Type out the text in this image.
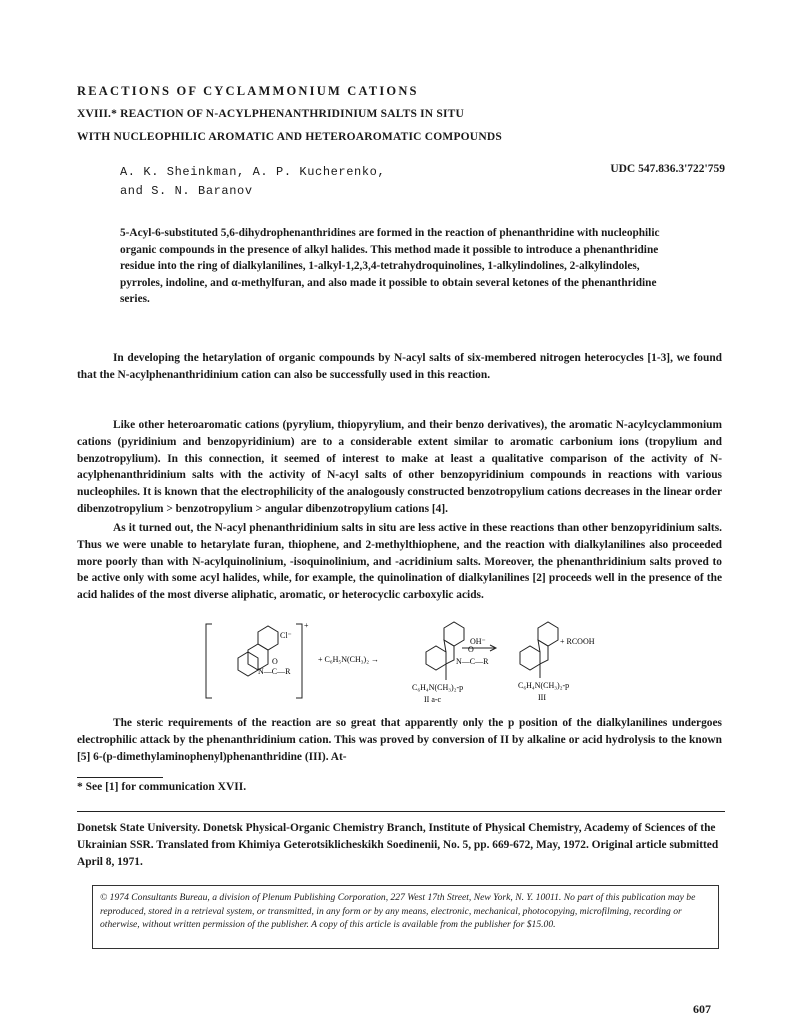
REACTIONS OF CYCLAMMONIUM CATIONS
XVIII.* REACTION OF N-ACYLPHENANTHRIDINIUM SALTS IN SITU
WITH NUCLEOPHILIC AROMATIC AND HETEROAROMATIC COMPOUNDS
A. K. Sheinkman, A. P. Kucherenko,
and S. N. Baranov
UDC 547.836.3'722'759
5-Acyl-6-substituted 5,6-dihydrophenanthridines are formed in the reaction of phenanthridine with nucleophilic organic compounds in the presence of alkyl halides. This method made it possible to introduce a phenanthridine residue into the ring of dialkylanilines, 1-alkyl-1,2,3,4-tetrahydroquinolines, 1-alkylindolines, 2-alkylindoles, pyrroles, indoline, and α-methylfuran, and also made it possible to obtain several ketones of the phenanthridine series.

In developing the hetarylation of organic compounds by N-acyl salts of six-membered nitrogen heterocycles [1-3], we found that the N-acylphenanthridinium cation can also be successfully used in this reaction.

Like other heteroaromatic cations (pyrylium, thiopyrylium, and their benzo derivatives), the aromatic N-acylcyclammonium cations (pyridinium and benzopyridinium) are to a considerable extent similar to aromatic carbonium ions (tropylium and benzotropylium). In this connection, it seemed of interest to make at least a qualitative comparison of the activity of N-acylphenanthridinium salts with the activity of N-acyl salts of other benzopyridinium compounds in reactions with various nucleophiles. It is known that the electrophilicity of the analogously constructed benzotropylium cations decreases in the linear order dibenzotropylium > benzotropylium > angular dibenzotropylium cations [4].

As it turned out, the N-acyl phenanthridinium salts in situ are less active in these reactions than other benzopyridinium salts. Thus we were unable to hetarylate furan, thiophene, and 2-methylthiophene, and the reaction with dialkylanilines also proceeded more poorly than with N-acylquinolinium, -isoquinolinium, and -acridinium salts. Moreover, the phenanthridinium salts proved to be active only with some acyl halides, while, for example, the quinolination of dialkylanilines [2] proceeds well in the presence of the acid halides of the most diverse aliphatic, aromatic, or heterocyclic carboxylic acids.

+
N—C—R
O
Cl⁻
+ C₆H₅N(CH₃)₂ →	N—C—R
O
C₆H₄N(CH₃)₂-p
II a-c
OH⁻	+ RCOOH
C₆H₄N(CH₃)₂-p
III

The steric requirements of the reaction are so great that apparently only the p position of the dialkylanilines undergoes electrophilic attack by the phenanthridinium cation. This was proved by conversion of II by alkaline or acid hydrolysis to the known [5] 6-(p-dimethylaminophenyl)phenanthridine (III). At-

* See [1] for communication XVII.
Donetsk State University. Donetsk Physical-Organic Chemistry Branch, Institute of Physical Chemistry, Academy of Sciences of the Ukrainian SSR. Translated from Khimiya Geterotsiklicheskikh Soedinenii, No. 5, pp. 669-672, May, 1972. Original article submitted April 8, 1971.
© 1974 Consultants Bureau, a division of Plenum Publishing Corporation, 227 West 17th Street, New York, N. Y. 10011. No part of this publication may be reproduced, stored in a retrieval system, or transmitted, in any form or by any means, electronic, mechanical, photocopying, microfilming, recording or otherwise, without written permission of the publisher. A copy of this article is available from the publisher for $15.00.
607
